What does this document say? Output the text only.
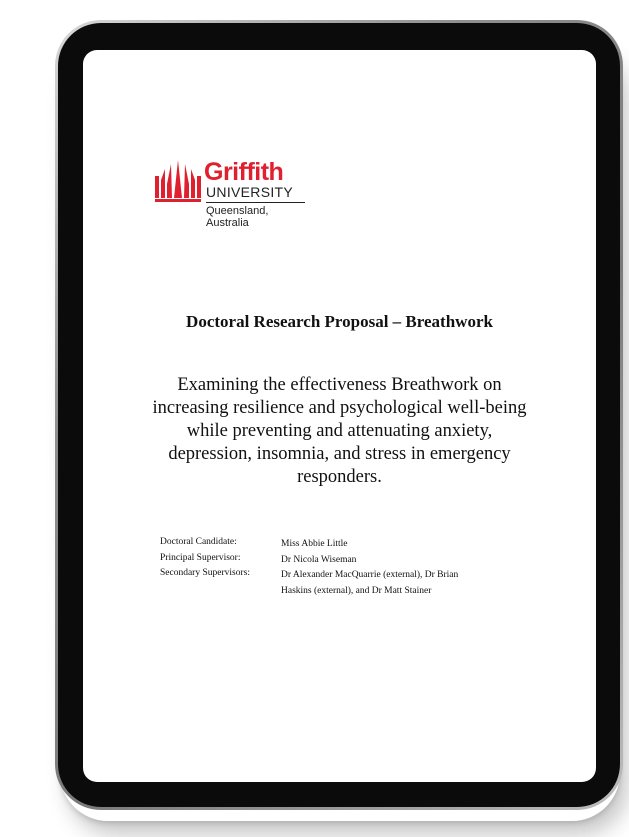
Griffith
UNIVERSITY
Queensland, Australia
Doctoral Research Proposal – Breathwork
Examining the effectiveness Breathwork on increasing resilience and psychological well-being while preventing and attenuating anxiety, depression, insomnia, and stress in emergency responders.
Doctoral Candidate:	Miss Abbie Little
Principal Supervisor:	Dr Nicola Wiseman
Secondary Supervisors:	Dr Alexander MacQuarrie (external), Dr Brian Haskins (external), and Dr Matt Stainer
